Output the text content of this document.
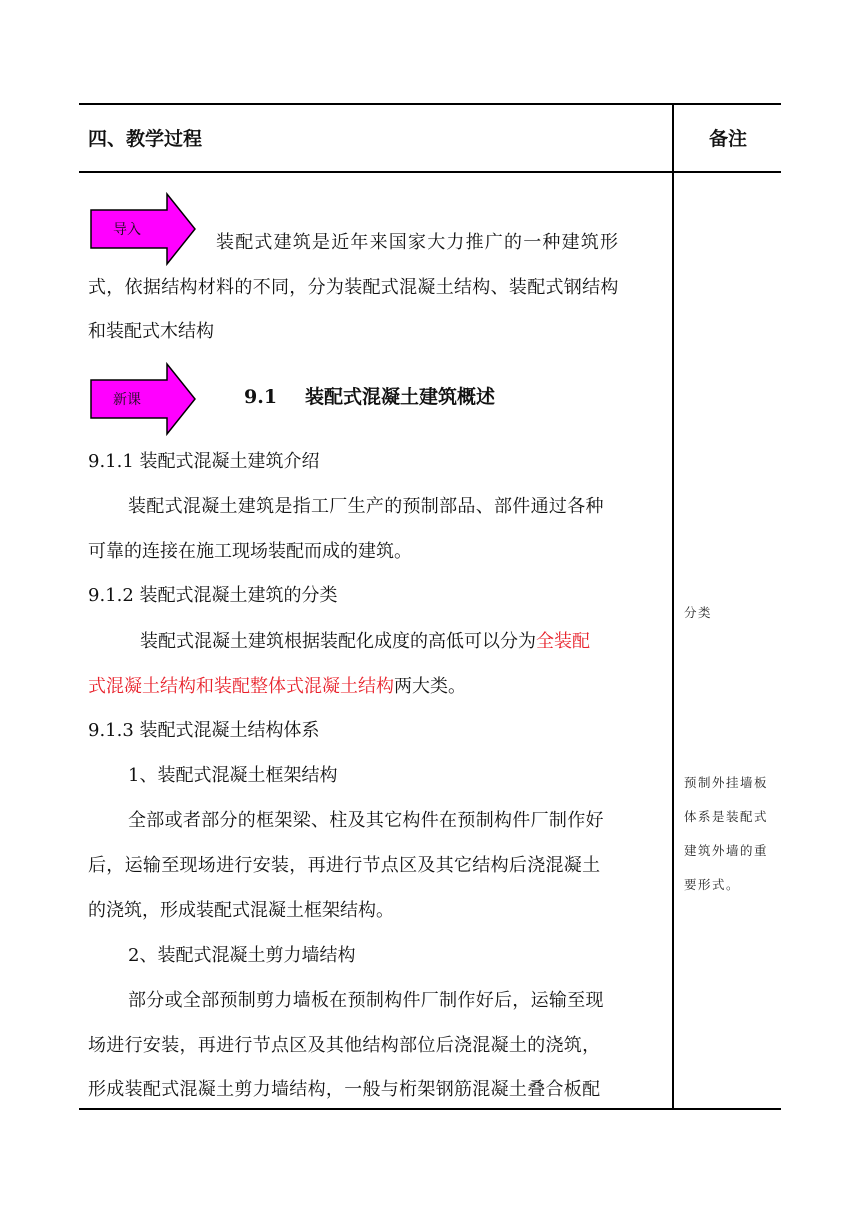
四、教学过程	备注
导入
装配式建筑是近年来国家大力推广的一种建筑形
式，依据结构材料的不同，分为装配式混凝土结构、装配式钢结构
和装配式木结构
新课	9.1 装配式混凝土建筑概述
9.1.1 装配式混凝土建筑介绍
装配式混凝土建筑是指工厂生产的预制部品、部件通过各种
可靠的连接在施工现场装配而成的建筑。
9.1.2 装配式混凝土建筑的分类
装配式混凝土建筑根据装配化成度的高低可以分为全装配
式混凝土结构和装配整体式混凝土结构两大类。
9.1.3 装配式混凝土结构体系
1、装配式混凝土框架结构
全部或者部分的框架梁、柱及其它构件在预制构件厂制作好
后，运输至现场进行安装，再进行节点区及其它结构后浇混凝土
的浇筑，形成装配式混凝土框架结构。
2、装配式混凝土剪力墙结构
部分或全部预制剪力墙板在预制构件厂制作好后，运输至现
场进行安装，再进行节点区及其他结构部位后浇混凝土的浇筑，
形成装配式混凝土剪力墙结构，一般与桁架钢筋混凝土叠合板配
分类
预制外挂墙板
体系是装配式
建筑外墙的重
要形式。
